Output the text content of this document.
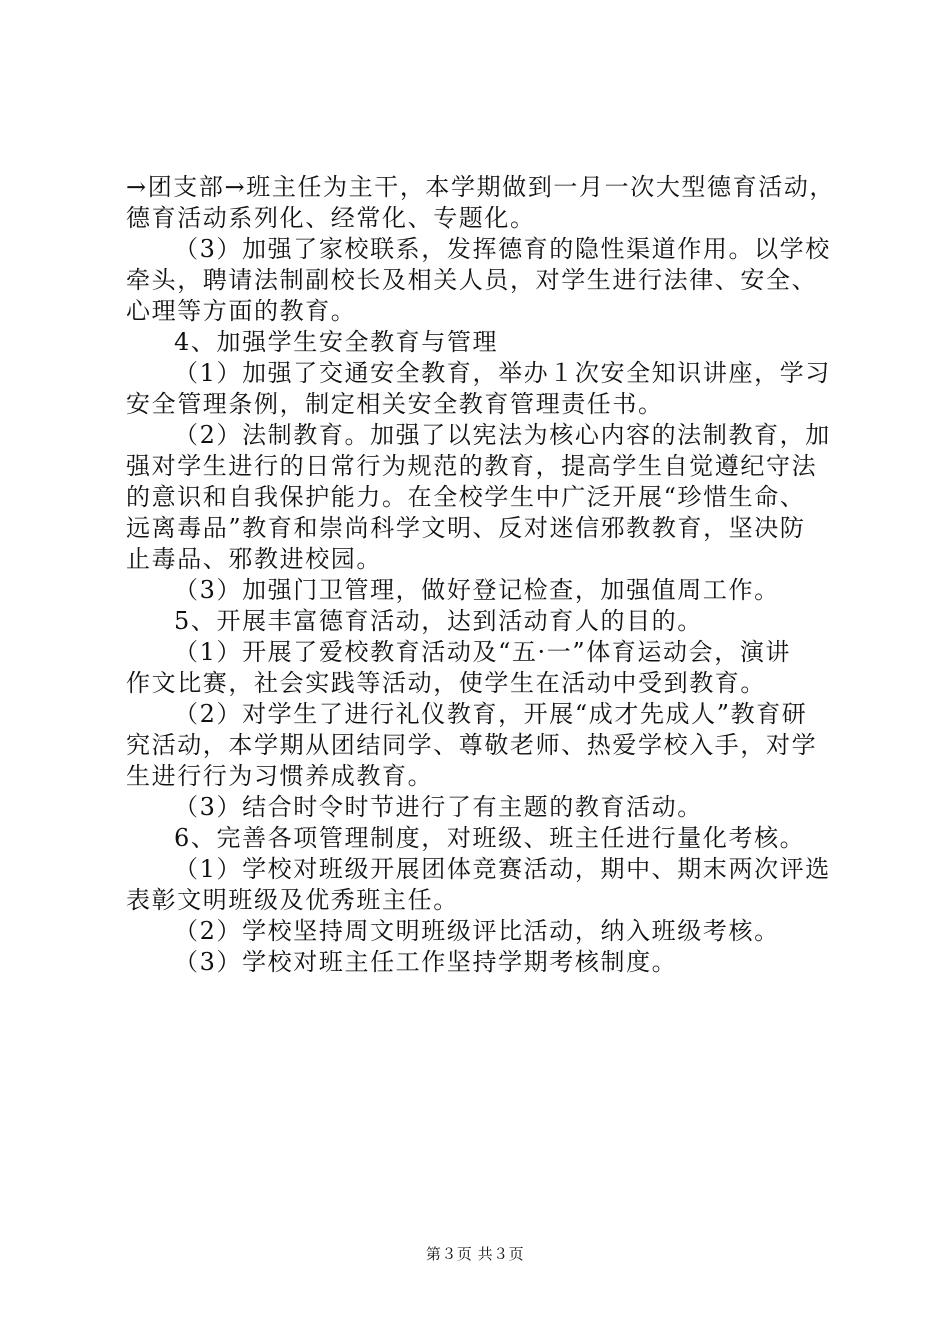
→团支部→班主任为主干，本学期做到一月一次大型德育活动，
德育活动系列化、经常化、专题化。
（3）加强了家校联系，发挥德育的隐性渠道作用。以学校
牵头，聘请法制副校长及相关人员，对学生进行法律、安全、
心理等方面的教育。
4、加强学生安全教育与管理
（1）加强了交通安全教育，举办１次安全知识讲座，学习
安全管理条例，制定相关安全教育管理责任书。
（2）法制教育。加强了以宪法为核心内容的法制教育，加
强对学生进行的日常行为规范的教育，提高学生自觉遵纪守法
的意识和自我保护能力。在全校学生中广泛开展“珍惜生命、
远离毒品”教育和崇尚科学文明、反对迷信邪教教育，坚决防
止毒品、邪教进校园。
（3）加强门卫管理，做好登记检查，加强值周工作。
5、开展丰富德育活动，达到活动育人的目的。
（1）开展了爱校教育活动及“五·一”体育运动会，演讲
作文比赛，社会实践等活动，使学生在活动中受到教育。
（2）对学生了进行礼仪教育，开展“成才先成人”教育研
究活动，本学期从团结同学、尊敬老师、热爱学校入手，对学
生进行行为习惯养成教育。
（3）结合时令时节进行了有主题的教育活动。
6、完善各项管理制度，对班级、班主任进行量化考核。
（1）学校对班级开展团体竞赛活动，期中、期末两次评选
表彰文明班级及优秀班主任。
（2）学校坚持周文明班级评比活动，纳入班级考核。
（3）学校对班主任工作坚持学期考核制度。
第３页 共３页
